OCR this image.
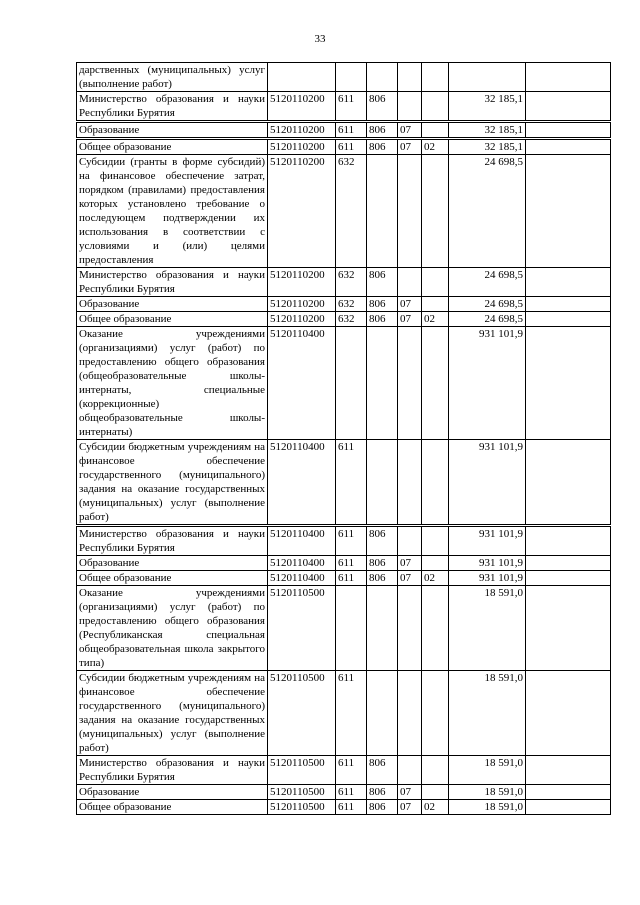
33
дарственных (муниципальных) услуг (выполнение работ)							
Министерство образования и науки Республики Бурятия	5120110200	611	806			32 185,1	
Образование	5120110200	611	806	07		32 185,1	
Общее образование	5120110200	611	806	07	02	32 185,1	
Субсидии (гранты в форме субсидий) на финансовое обеспечение затрат, порядком (правилами) предоставления которых установлено требование о последующем подтверждении их использования в соответствии с условиями и (или) целями предоставления	5120110200	632				24 698,5	
Министерство образования и науки Республики Бурятия	5120110200	632	806			24 698,5	
Образование	5120110200	632	806	07		24 698,5	
Общее образование	5120110200	632	806	07	02	24 698,5	
Оказание учреждениями (организациями) услуг (работ) по предоставлению общего образования (общеобразовательные школы-интернаты, специальные (коррекционные) общеобразовательные школы-интернаты)	5120110400					931 101,9	
Субсидии бюджетным учреждениям на финансовое обеспечение государственного (муниципального) задания на оказание государственных (муниципальных) услуг (выполнение работ)	5120110400	611				931 101,9	
Министерство образования и науки Республики Бурятия	5120110400	611	806			931 101,9	
Образование	5120110400	611	806	07		931 101,9	
Общее образование	5120110400	611	806	07	02	931 101,9	
Оказание учреждениями (организациями) услуг (работ) по предоставлению общего образования (Республиканская специальная общеобразовательная школа закрытого типа)	5120110500					18 591,0	
Субсидии бюджетным учреждениям на финансовое обеспечение государственного (муниципального) задания на оказание государственных (муниципальных) услуг (выполнение работ)	5120110500	611				18 591,0	
Министерство образования и науки Республики Бурятия	5120110500	611	806			18 591,0	
Образование	5120110500	611	806	07		18 591,0	
Общее образование	5120110500	611	806	07	02	18 591,0	
